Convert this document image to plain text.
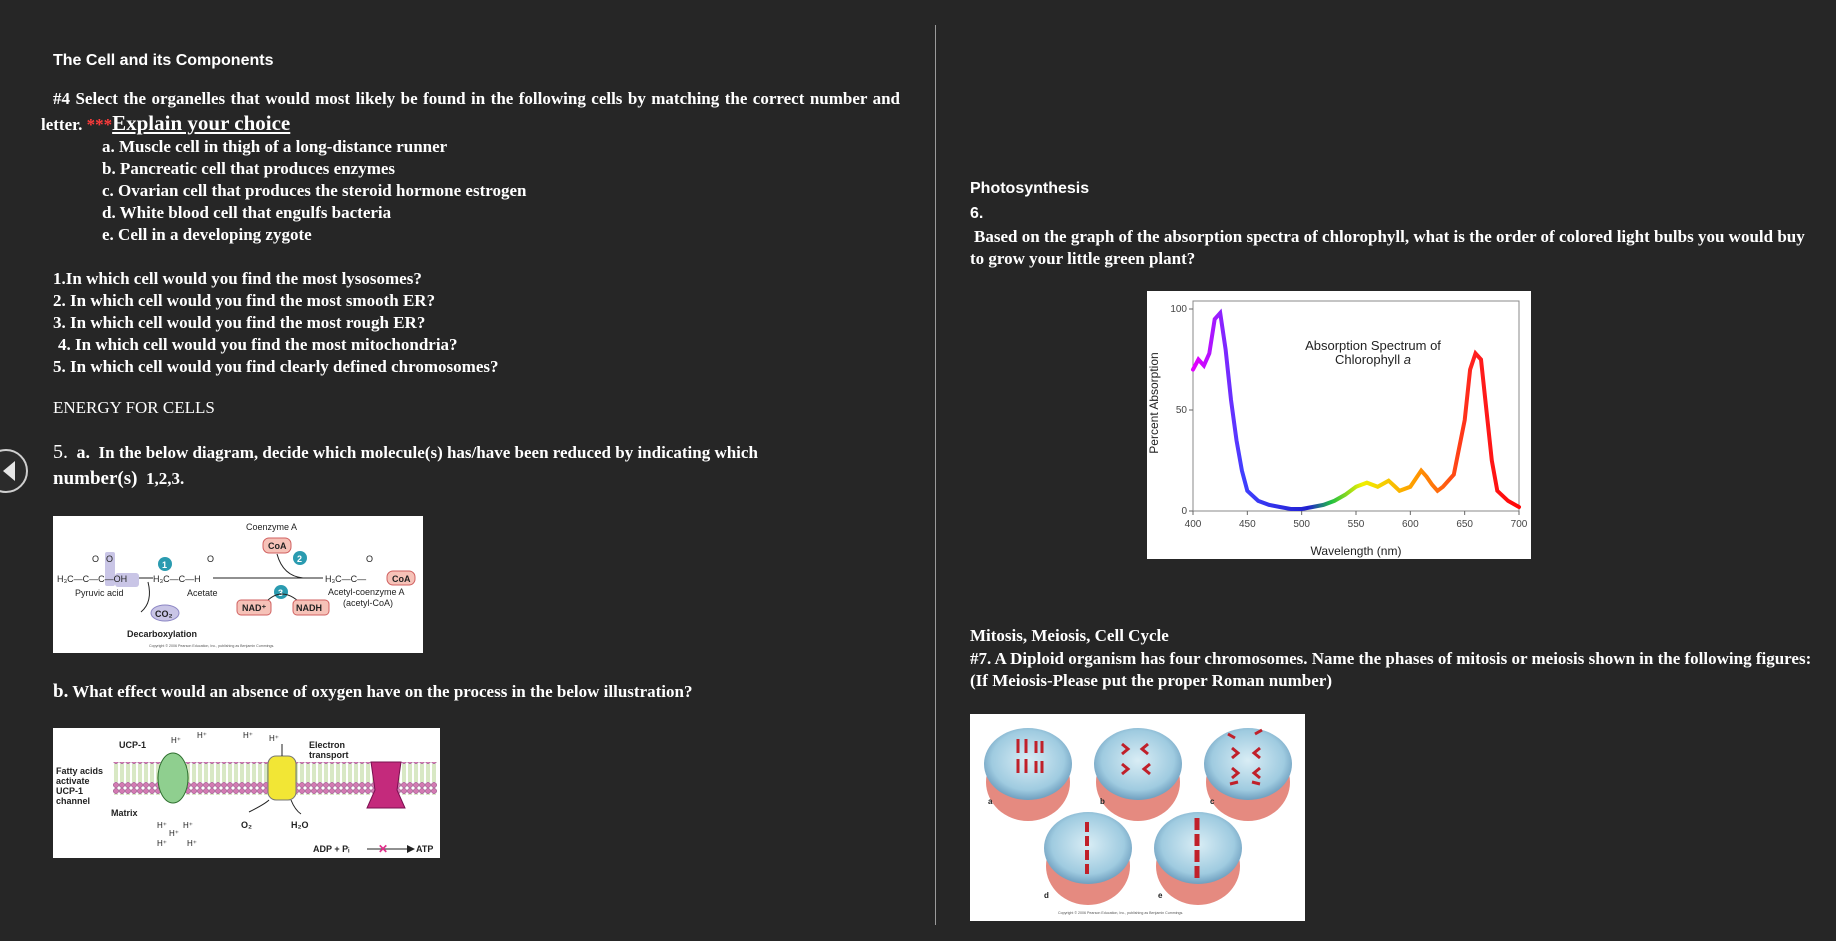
The Cell and its Components
#4 Select the organelles that would most likely be found in the following cells by matching the correct number and letter. ***Explain your choice
a. Muscle cell in thigh of a long-distance runner
b. Pancreatic cell that produces enzymes
c. Ovarian cell that produces the steroid hormone estrogen
d. White blood cell that engulfs bacteria
e. Cell in a developing zygote
1.In which cell would you find the most lysosomes?
2. In which cell would you find the most smooth ER?
3. In which cell would you find the most rough ER?
4. In which cell would you find the most mitochondria?
5. In which cell would you find clearly defined chromosomes?
ENERGY FOR CELLS
5. a. In the below diagram, decide which molecule(s) has/have been reduced by indicating which
number(s) 1,2,3.
O O
H₃C—C—C—OH	H₃C—C—H
O
H₃C—C—
O
CoA
Pyruvic acid	Acetate	Acetyl-coenzyme A
(acetyl-CoA)
Coenzyme A
CoA
1
2
3
NAD⁺	NADH
CO₂
Decarboxylation
Copyright © 2006 Pearson Education, Inc., publishing as Benjamin Cummings.
b. What effect would an absence of oxygen have on the process in the below illustration?
UCP-1
Fatty acids
activate
UCP-1
channel
Matrix
Electron
transport
H⁺
H⁺	H⁺ H⁺
H⁺ H⁺
H⁺
H⁺	H⁺
O₂	H₂O
ADP + Pᵢ ✕	ATP
Photosynthesis
6.
Based on the graph of the absorption spectra of chlorophyll, what is the order of colored light bulbs you would buy to grow your little green plant?
0
50
100
400	450	500	550	600	650	700
Absorption Spectrum of
Chlorophyll a
Wavelength (nm)
Percent Absorption
Mitosis, Meiosis, Cell Cycle
#7. A Diploid organism has four chromosomes. Name the phases of mitosis or meiosis shown in the following figures: (If Meiosis-Please put the proper Roman number)
a	b	c
d	e
Copyright © 2006 Pearson Education, Inc., publishing as Benjamin Cummings.
